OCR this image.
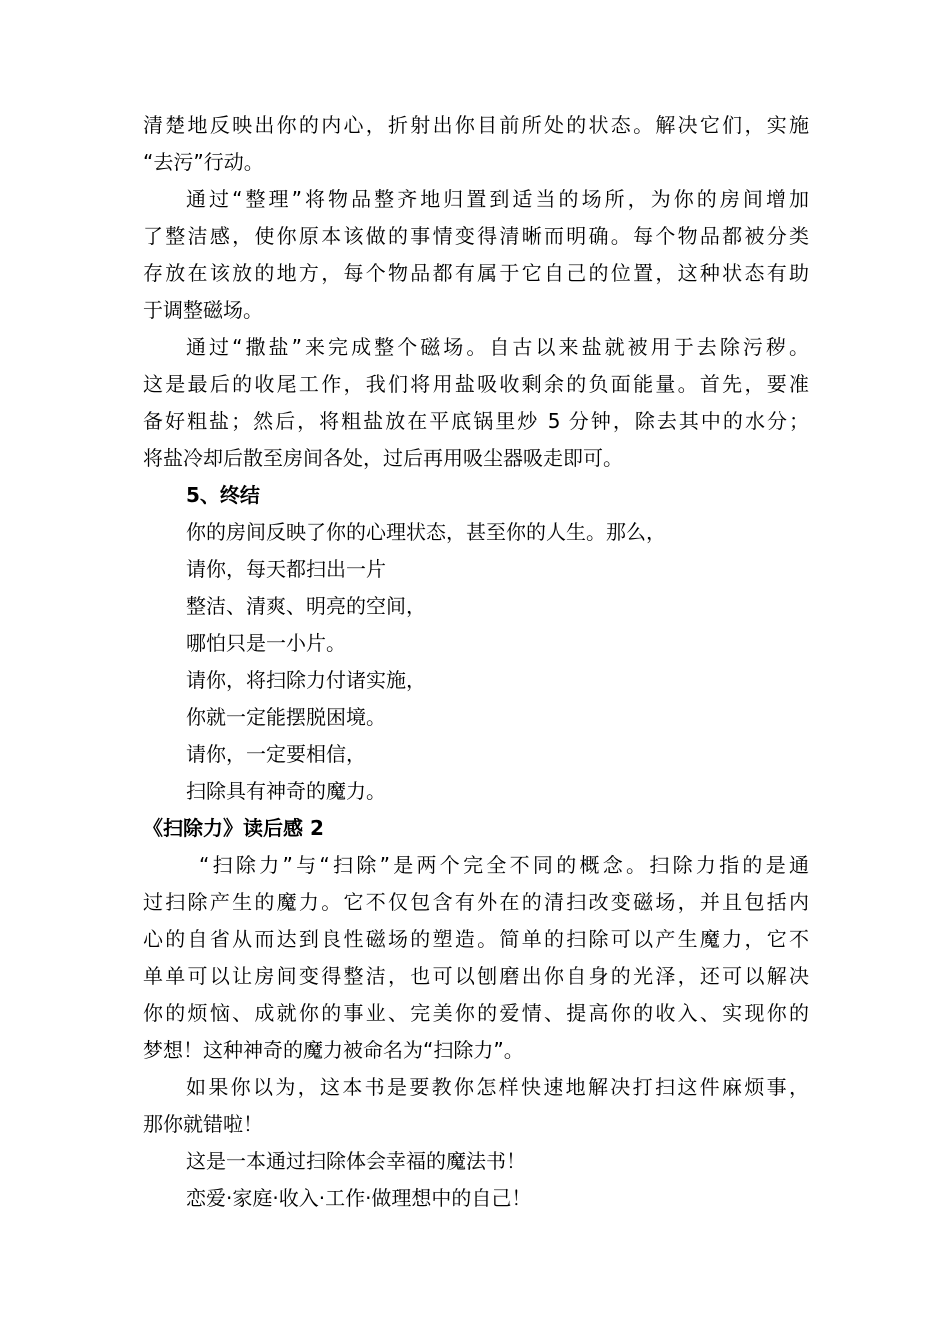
清楚地反映出你的内心，折射出你目前所处的状态。解决它们，实施
“去污”行动。
通过“整理”将物品整齐地归置到适当的场所，为你的房间增加
了整洁感，使你原本该做的事情变得清晰而明确。每个物品都被分类
存放在该放的地方，每个物品都有属于它自己的位置，这种状态有助
于调整磁场。
通过“撒盐”来完成整个磁场。自古以来盐就被用于去除污秽。
这是最后的收尾工作，我们将用盐吸收剩余的负面能量。首先，要准
备好粗盐；然后，将粗盐放在平底锅里炒 5 分钟，除去其中的水分；
将盐冷却后散至房间各处，过后再用吸尘器吸走即可。
5、终结
你的房间反映了你的心理状态，甚至你的人生。那么，
请你，每天都扫出一片
整洁、清爽、明亮的空间，
哪怕只是一小片。
请你，将扫除力付诸实施，
你就一定能摆脱困境。
请你，一定要相信，
扫除具有神奇的魔力。
《扫除力》读后感 2
“扫除力”与“扫除”是两个完全不同的概念。扫除力指的是通
过扫除产生的魔力。它不仅包含有外在的清扫改变磁场，并且包括内
心的自省从而达到良性磁场的塑造。简单的扫除可以产生魔力，它不
单单可以让房间变得整洁，也可以刨磨出你自身的光泽，还可以解决
你的烦恼、成就你的事业、完美你的爱情、提高你的收入、实现你的
梦想！这种神奇的魔力被命名为“扫除力”。
如果你以为，这本书是要教你怎样快速地解决打扫这件麻烦事，
那你就错啦！
这是一本通过扫除体会幸福的魔法书！
恋爱·家庭·收入·工作·做理想中的自己！
